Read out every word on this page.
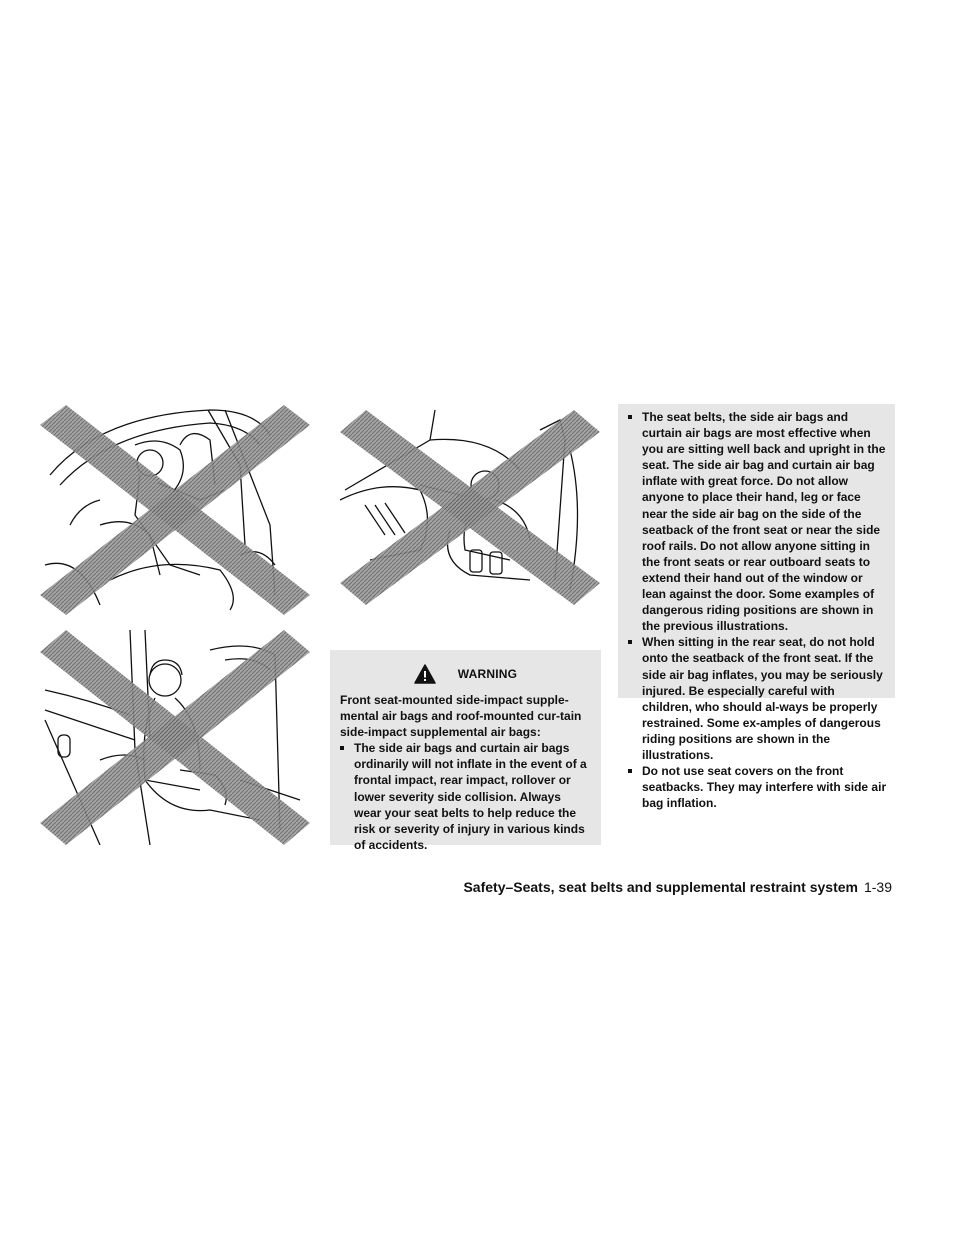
WARNING
Front seat-mounted side-impact supple-mental air bags and roof-mounted cur-tain side-impact supplemental air bags:
The side air bags and curtain air bags ordinarily will not inflate in the event of a frontal impact, rear impact, rollover or lower severity side collision. Always wear your seat belts to help reduce the risk or severity of injury in various kinds of accidents.
The seat belts, the side air bags and curtain air bags are most effective when you are sitting well back and upright in the seat. The side air bag and curtain air bag inflate with great force. Do not allow anyone to place their hand, leg or face near the side air bag on the side of the seatback of the front seat or near the side roof rails. Do not allow anyone sitting in the front seats or rear outboard seats to extend their hand out of the window or lean against the door. Some examples of dangerous riding positions are shown in the previous illustrations.
When sitting in the rear seat, do not hold onto the seatback of the front seat. If the side air bag inflates, you may be seriously injured. Be especially careful with children, who should al-ways be properly restrained. Some ex-amples of dangerous riding positions are shown in the illustrations.
Do not use seat covers on the front seatbacks. They may interfere with side air bag inflation.
Safety–Seats, seat belts and supplemental restraint system 1-39
